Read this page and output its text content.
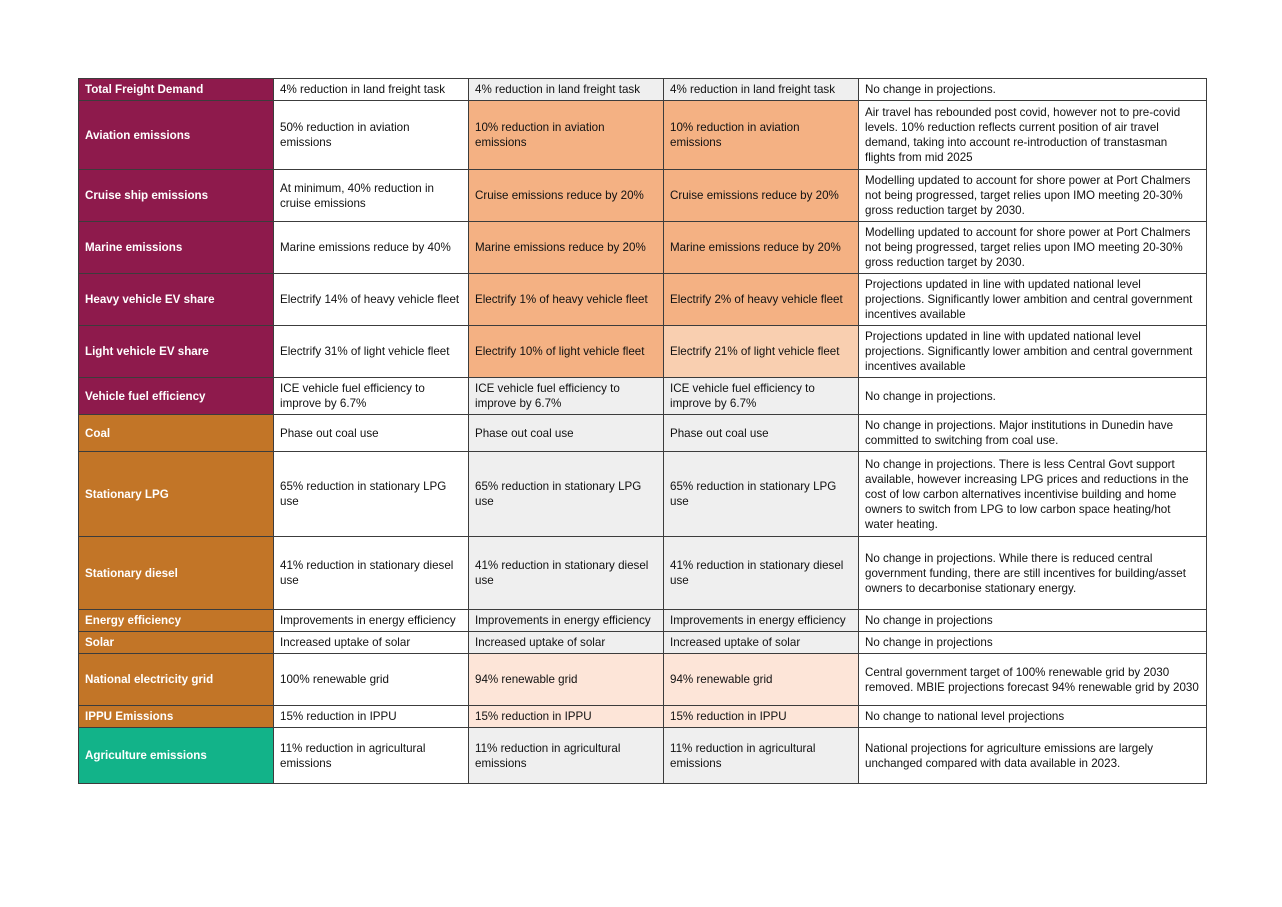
Total Freight Demand	4% reduction in land freight task	4% reduction in land freight task	4% reduction in land freight task	No change in projections.
Aviation emissions	50% reduction in aviation emissions	10% reduction in aviation emissions	10% reduction in aviation emissions	Air travel has rebounded post covid, however not to pre-covid levels. 10% reduction reflects current position of air travel demand, taking into account re-introduction of transtasman flights from mid 2025
Cruise ship emissions	At minimum, 40% reduction in cruise emissions	Cruise emissions reduce by 20%	Cruise emissions reduce by 20%	Modelling updated to account for shore power at Port Chalmers not being progressed, target relies upon IMO meeting 20-30% gross reduction target by 2030.
Marine emissions	Marine emissions reduce by 40%	Marine emissions reduce by 20%	Marine emissions reduce by 20%	Modelling updated to account for shore power at Port Chalmers not being progressed, target relies upon IMO meeting 20-30% gross reduction target by 2030.
Heavy vehicle EV share	Electrify 14% of heavy vehicle fleet	Electrify 1% of heavy vehicle fleet	Electrify 2% of heavy vehicle fleet	Projections updated in line with updated national level projections. Significantly lower ambition and central government incentives available
Light vehicle EV share	Electrify 31% of light vehicle fleet	Electrify 10% of light vehicle fleet	Electrify 21% of light vehicle fleet	Projections updated in line with updated national level projections. Significantly lower ambition and central government incentives available
Vehicle fuel efficiency	ICE vehicle fuel efficiency to improve by 6.7%	ICE vehicle fuel efficiency to improve by 6.7%	ICE vehicle fuel efficiency to improve by 6.7%	No change in projections.
Coal	Phase out coal use	Phase out coal use	Phase out coal use	No change in projections. Major institutions in Dunedin have committed to switching from coal use.
Stationary LPG	65% reduction in stationary LPG use	65% reduction in stationary LPG use	65% reduction in stationary LPG use	No change in projections. There is less Central Govt support available, however increasing LPG prices and reductions in the cost of low carbon alternatives incentivise building and home owners to switch from LPG to low carbon space heating/hot water heating.
Stationary diesel	41% reduction in stationary diesel use	41% reduction in stationary diesel use	41% reduction in stationary diesel use	No change in projections. While there is reduced central government funding, there are still incentives for building/asset owners to decarbonise stationary energy.
Energy efficiency	Improvements in energy efficiency	Improvements in energy efficiency	Improvements in energy efficiency	No change in projections
Solar	Increased uptake of solar	Increased uptake of solar	Increased uptake of solar	No change in projections
National electricity grid	100% renewable grid	94% renewable grid	94% renewable grid	Central government target of 100% renewable grid by 2030 removed. MBIE projections forecast 94% renewable grid by 2030
IPPU Emissions	15% reduction in IPPU	15% reduction in IPPU	15% reduction in IPPU	No change to national level projections
Agriculture emissions	11% reduction in agricultural emissions	11% reduction in agricultural emissions	11% reduction in agricultural emissions	National projections for agriculture emissions are largely unchanged compared with data available in 2023.
